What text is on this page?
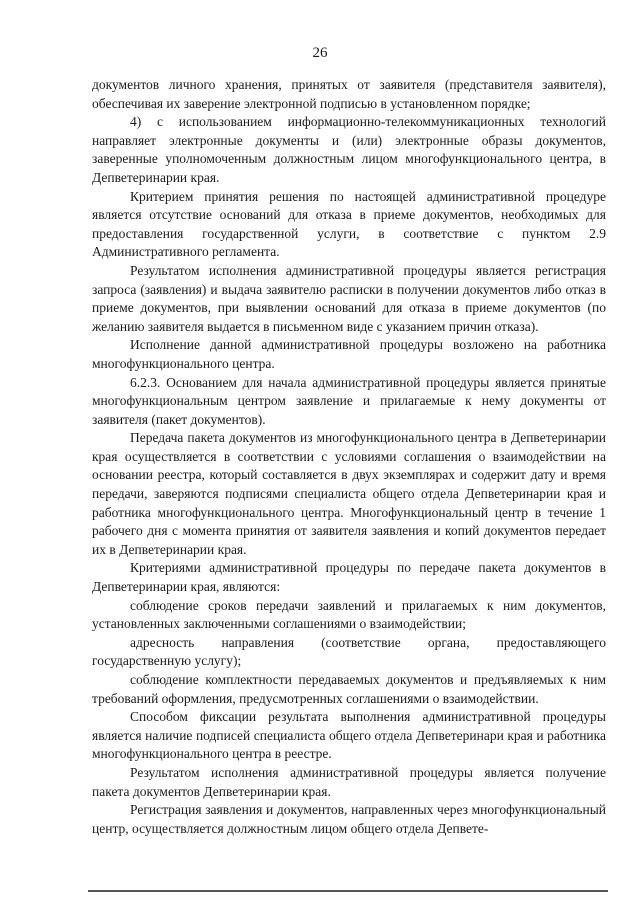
26

документов личного хранения, принятых от заявителя (представителя заявителя), обеспечивая их заверение электронной подписью в установленном порядке;

4) с использованием информационно-телекоммуникационных технологий направляет электронные документы и (или) электронные образы документов, заверенные уполномоченным должностным лицом многофункционального центра, в Депветеринарии края.

Критерием принятия решения по настоящей административной процедуре является отсутствие оснований для отказа в приеме документов, необходимых для предоставления государственной услуги, в соответствие с пунктом 2.9 Административного регламента.

Результатом исполнения административной процедуры является регистрация запроса (заявления) и выдача заявителю расписки в получении документов либо отказ в приеме документов, при выявлении оснований для отказа в приеме документов (по желанию заявителя выдается в письменном виде с указанием причин отказа).

Исполнение данной административной процедуры возложено на работника многофункционального центра.

6.2.3. Основанием для начала административной процедуры является принятые многофункциональным центром заявление и прилагаемые к нему документы от заявителя (пакет документов).

Передача пакета документов из многофункционального центра в Депветеринарии края осуществляется в соответствии с условиями соглашения о взаимодействии на основании реестра, который составляется в двух экземплярах и содержит дату и время передачи, заверяются подписями специалиста общего отдела Депветеринарии края и работника многофункционального центра. Многофункциональный центр в течение 1 рабочего дня с момента принятия от заявителя заявления и копий документов передает их в Депветеринарии края.

Критериями административной процедуры по передаче пакета документов в Депветеринарии края, являются:

соблюдение сроков передачи заявлений и прилагаемых к ним документов, установленных заключенными соглашениями о взаимодействии;

адресность направления (соответствие органа, предоставляющего государственную услугу);

соблюдение комплектности передаваемых документов и предъявляемых к ним требований оформления, предусмотренных соглашениями о взаимодействии.

Способом фиксации результата выполнения административной процедуры является наличие подписей специалиста общего отдела Депветеринари края и работника многофункционального центра в реестре.

Результатом исполнения административной процедуры является получение пакета документов Депветеринарии края.

Регистрация заявления и документов, направленных через многофункциональный центр, осуществляется должностным лицом общего отдела Депвете-
